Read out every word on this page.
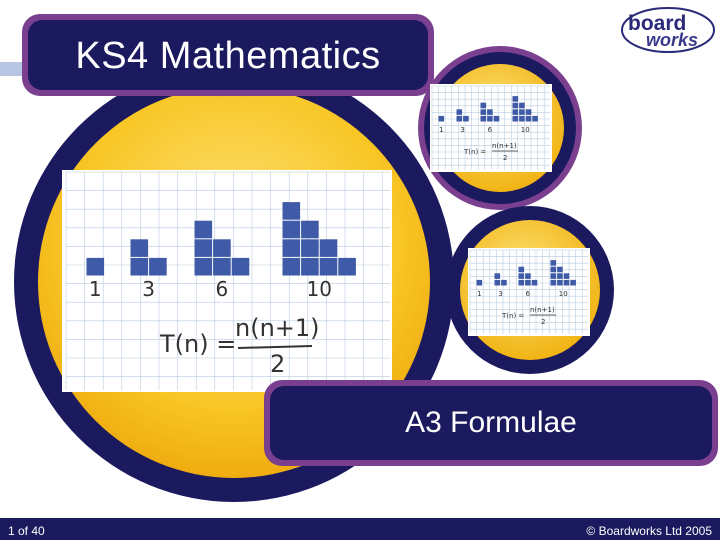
1 3	6	10
T(n) =
n(n+1)
2
1 3	6	10
T(n) =
n(n+1)
2
1 3	6	10
T(n) =
n(n+1)
2
KS4 Mathematics
A3 Formulae
board
works
1 of 40	© Boardworks Ltd 2005
